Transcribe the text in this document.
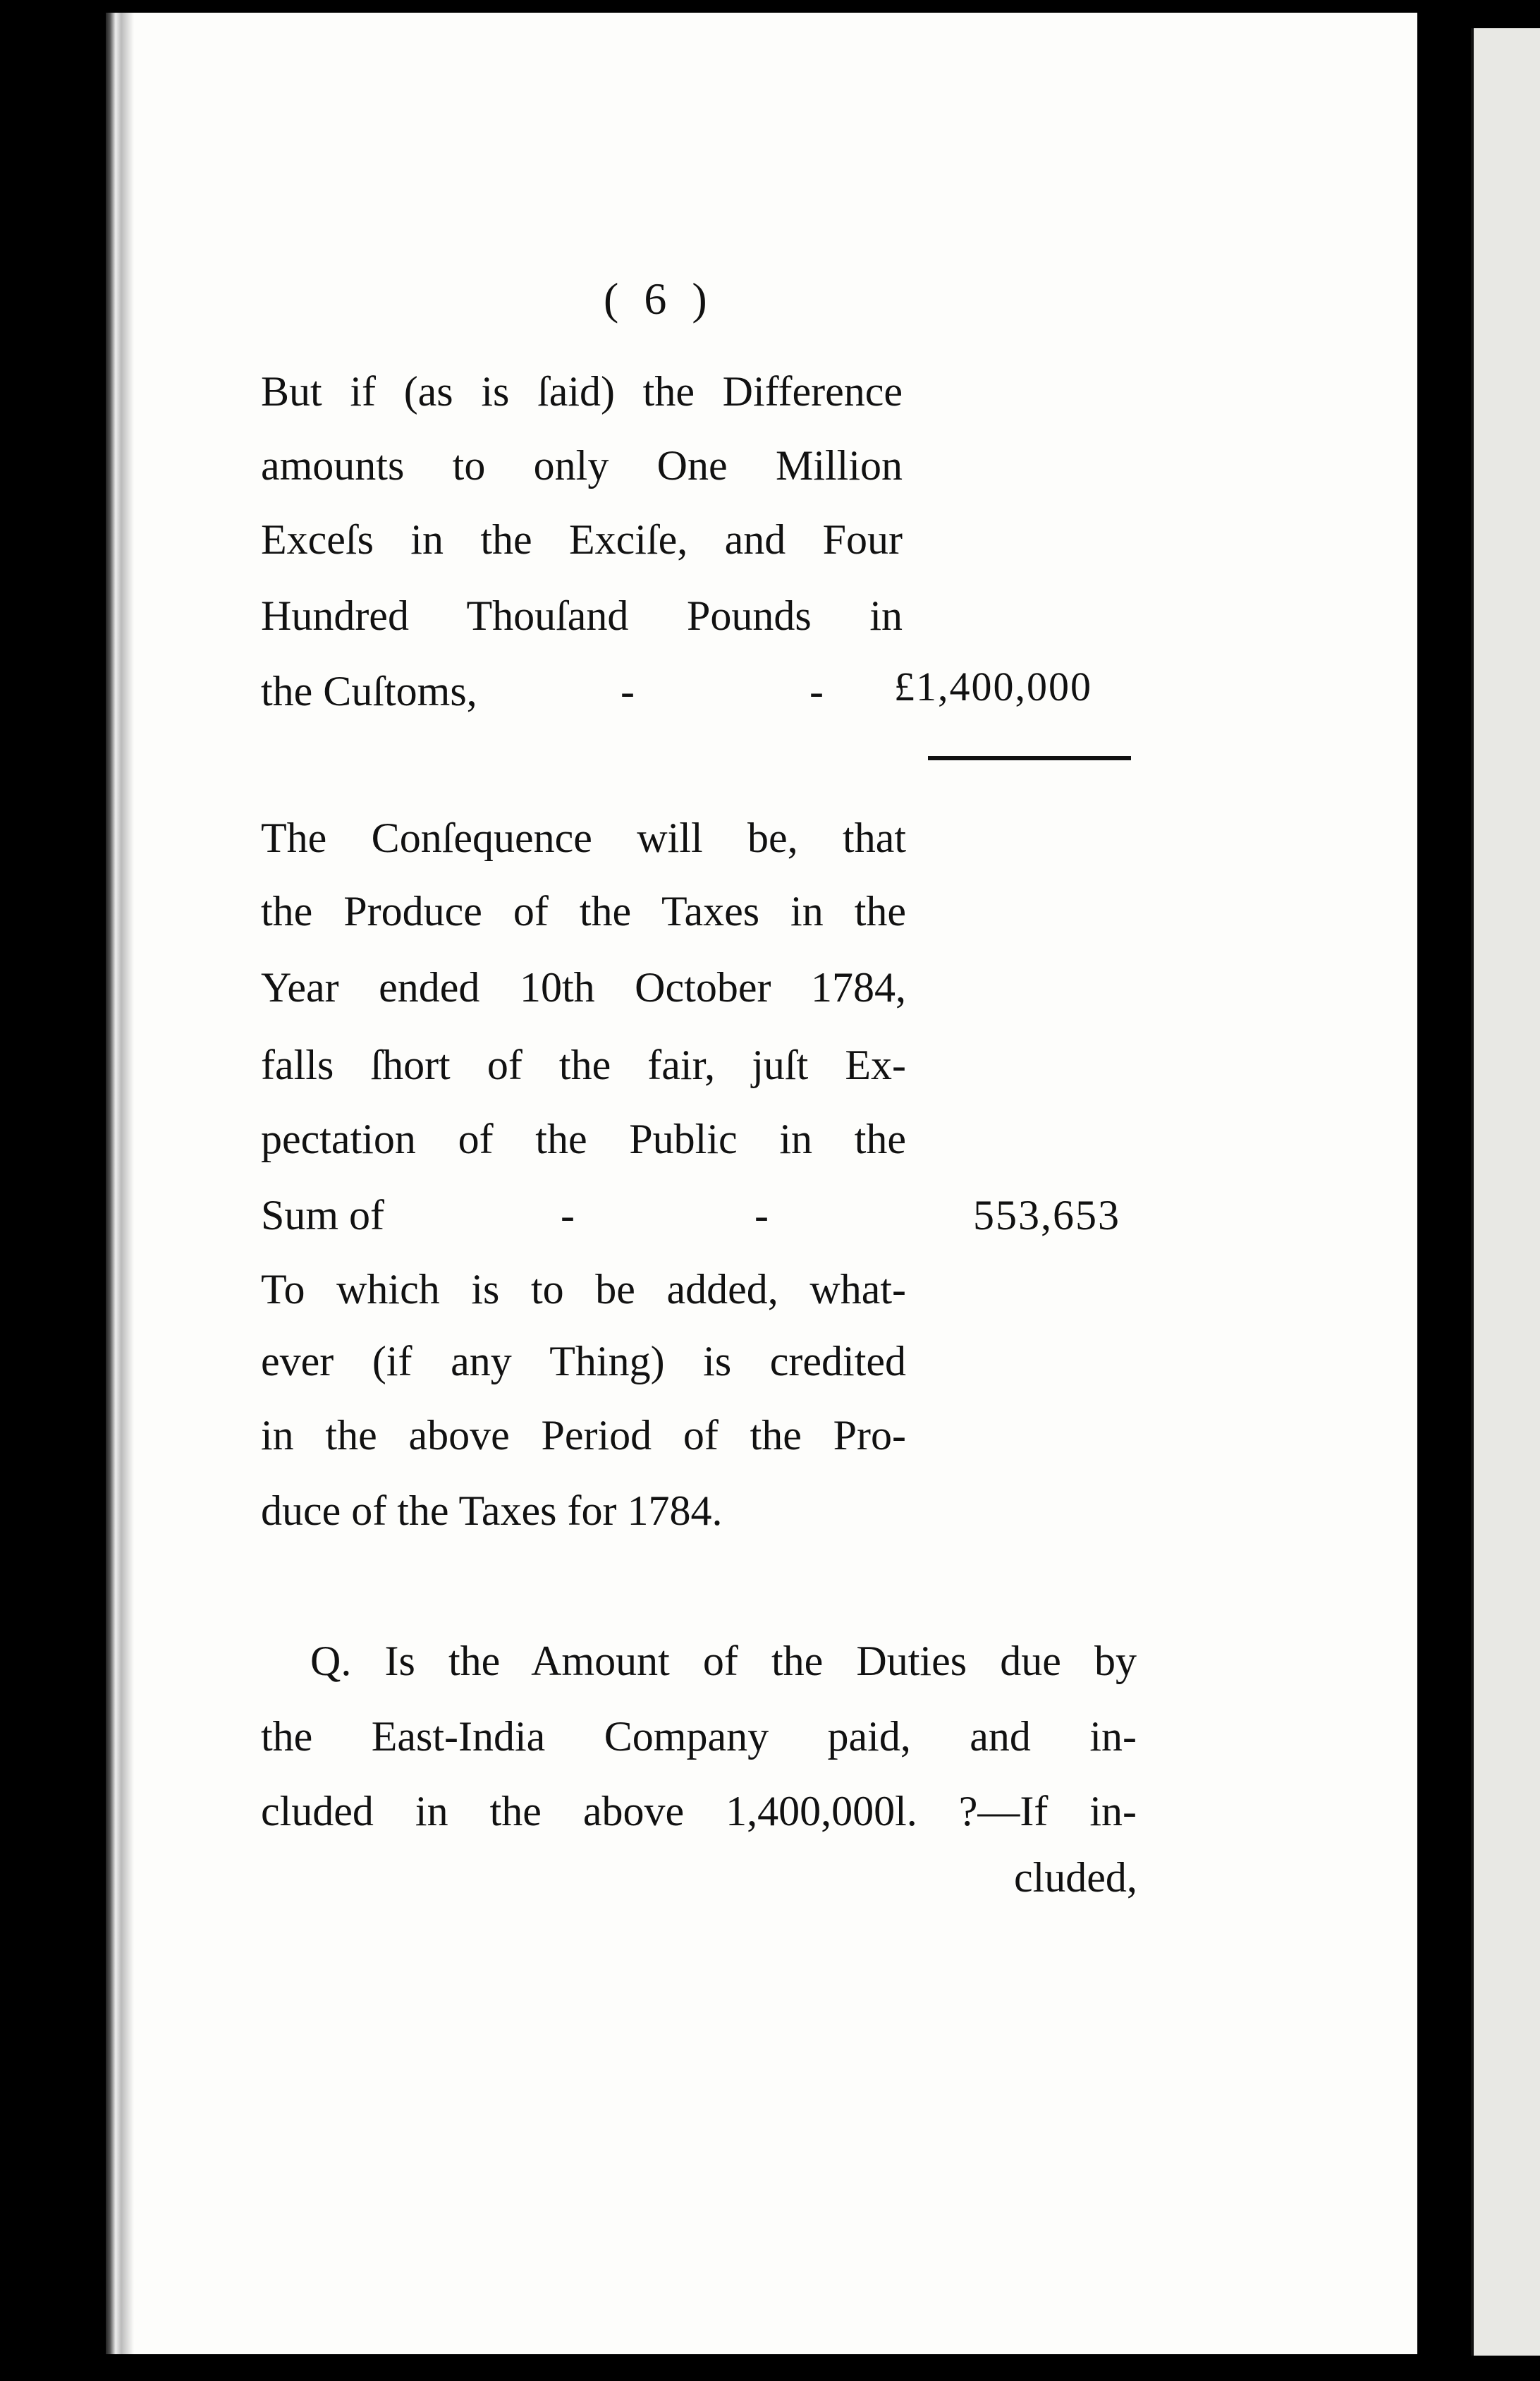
( 6 )
But if (as is ſaid) the Difference
amounts to only One Million
Exceſs in the Exciſe, and Four
Hundred Thouſand Pounds in
the Cuſtoms,	-	- £1,400,000
The Conſequence will be, that
the Produce of the Taxes in the
Year ended 10th October 1784,
falls ſhort of the fair, juſt Ex-
pectation of the Public in the
Sum of	-	-	553,653
To which is to be added, what-
ever (if any Thing) is credited
in the above Period of the Pro-
duce of the Taxes for 1784.
Q. Is the Amount of the Duties due by
the East-India Company paid, and in-
cluded in the above 1,400,000l. ?—If in-
cluded,
